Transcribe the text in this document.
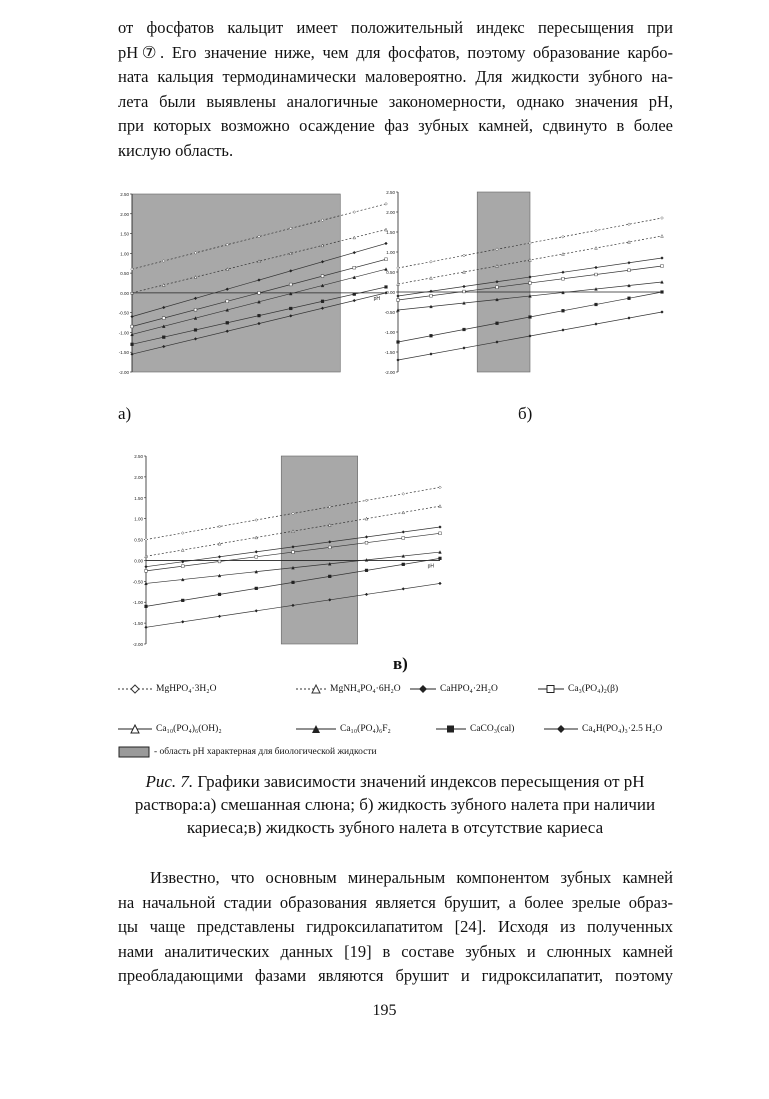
от фосфатов кальцит имеет положительный индекс пересыщения при
pH⑦. Его значение ниже, чем для фосфатов, поэтому образование карбо-
ната кальция термодинамически маловероятно. Для жидкости зубного на-
лета были выявлены аналогичные закономерности, однако значения pH,
при которых возможно осаждение фаз зубных камней, сдвинуто в более
кислую область.
2.50
2.00
1.50
1.00
0.50
0.00
-0.50
-1.00
-1.50
-2.00
pH
2.50
2.00
1.50
1.00
0.50
0.00
-0.50
-1.00
-1.50
-2.00
2.50
2.00
1.50
1.00
0.50
0.00
-0.50
-1.00
-1.50
-2.00
pH
а)	б)
в)
MgHPO₄·3H₂O	MgNH₄PO₄·6H₂O	CaHPO₄·2H₂O	Ca₃(PO₄)₂(β)
Ca₁₀(PO₄)₆(OH)₂	Ca₁₀(PO₄)₆F₂	CaCO₃(cal)	Ca₄H(PO₄)₃·2.5 H₂O
- область pH характерная для биологической жидкости
Рис. 7. Графики зависимости значений индексов пересыщения от pH
раствора:а) смешанная слюна; б) жидкость зубного налета при наличии
кариеса;в) жидкость зубного налета в отсутствие кариеса
Известно, что основным минеральным компонентом зубных камней
на начальной стадии образования является брушит, а более зрелые образ-
цы чаще представлены гидроксилапатитом [24]. Исходя из полученных
нами аналитических данных [19] в составе зубных и слюнных камней
преобладающими фазами являются брушит и гидроксилапатит, поэтому
195
